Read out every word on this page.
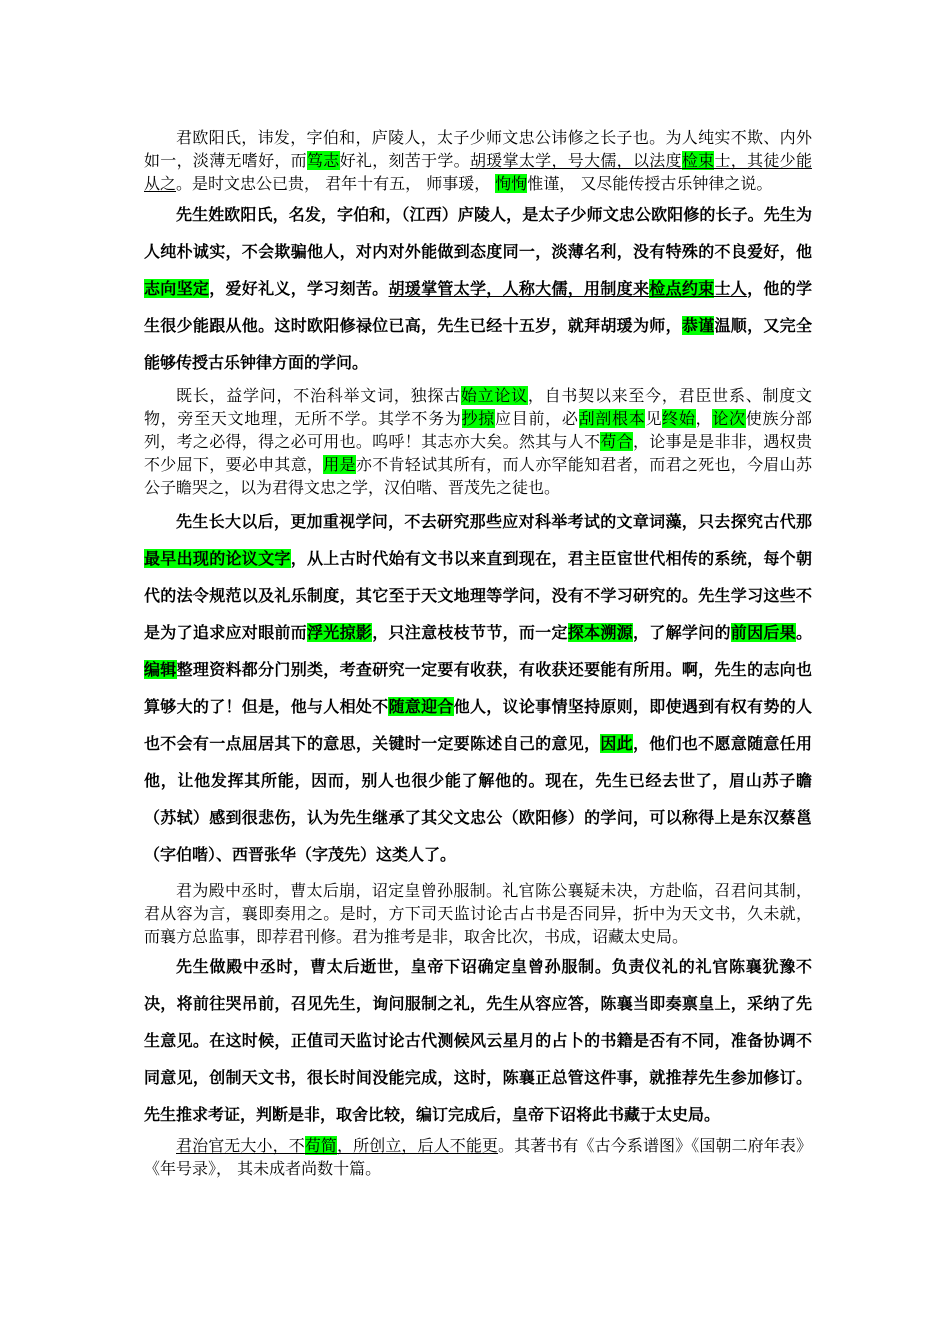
君欧阳氏，讳发，字伯和，庐陵人，太子少师文忠公讳修之长子也。为人纯实不欺、内外如一，淡薄无嗜好，而笃志好礼，刻苦于学。胡瑗掌太学，号大儒，以法度检束士，其徒少能从之。是时文忠公已贵， 君年十有五， 师事瑗， 恂恂惟谨， 又尽能传授古乐钟律之说。

先生姓欧阳氏，名发，字伯和，（江西）庐陵人，是太子少师文忠公欧阳修的长子。先生为人纯朴诚实，不会欺骗他人，对内对外能做到态度同一，淡薄名利，没有特殊的不良爱好，他志向坚定，爱好礼义，学习刻苦。胡瑗掌管太学，人称大儒，用制度来检点约束士人，他的学生很少能跟从他。这时欧阳修禄位已高，先生已经十五岁，就拜胡瑗为师，恭谨温顺，又完全能够传授古乐钟律方面的学问。

既长，益学问，不治科举文词，独探古始立论议，自书契以来至今，君臣世系、制度文物，旁至天文地理，无所不学。其学不务为抄掠应目前，必刮剖根本见终始，论次使族分部列，考之必得，得之必可用也。呜呼！其志亦大矣。然其与人不苟合，论事是是非非，遇权贵不少屈下，要必申其意，用是亦不肯轻试其所有，而人亦罕能知君者，而君之死也，今眉山苏公子瞻哭之，以为君得文忠之学，汉伯喈、晋茂先之徒也。

先生长大以后，更加重视学问，不去研究那些应对科举考试的文章词藻，只去探究古代那最早出现的论议文字，从上古时代始有文书以来直到现在，君主臣宦世代相传的系统，每个朝代的法令规范以及礼乐制度，其它至于天文地理等学问，没有不学习研究的。先生学习这些不是为了追求应对眼前而浮光掠影，只注意枝枝节节，而一定探本溯源，了解学问的前因后果。编辑整理资料都分门别类，考查研究一定要有收获，有收获还要能有所用。啊，先生的志向也算够大的了！但是，他与人相处不随意迎合他人，议论事情坚持原则，即使遇到有权有势的人也不会有一点屈居其下的意思，关键时一定要陈述自己的意见，因此，他们也不愿意随意任用他，让他发挥其所能，因而，别人也很少能了解他的。现在，先生已经去世了，眉山苏子瞻（苏轼）感到很悲伤，认为先生继承了其父文忠公（欧阳修）的学问，可以称得上是东汉蔡邕（字伯喈）、西晋张华（字茂先）这类人了。

君为殿中丞时，曹太后崩，诏定皇曾孙服制。礼官陈公襄疑未决，方赴临，召君问其制，君从容为言，襄即奏用之。是时，方下司天监讨论古占书是否同异，折中为天文书，久未就，而襄方总监事，即荐君刊修。君为推考是非，取舍比次，书成，诏藏太史局。

先生做殿中丞时，曹太后逝世，皇帝下诏确定皇曾孙服制。负责仪礼的礼官陈襄犹豫不决，将前往哭吊前，召见先生，询问服制之礼，先生从容应答，陈襄当即奏禀皇上，采纳了先生意见。在这时候，正值司天监讨论古代测候风云星月的占卜的书籍是否有不同，准备协调不同意见，创制天文书，很长时间没能完成，这时，陈襄正总管这件事，就推荐先生参加修订。先生推求考证，判断是非，取舍比较，编订完成后，皇帝下诏将此书藏于太史局。

君治官无大小，不苟简，所创立，后人不能更。其著书有《古今系谱图》《国朝二府年表》《年号录》， 其未成者尚数十篇。
